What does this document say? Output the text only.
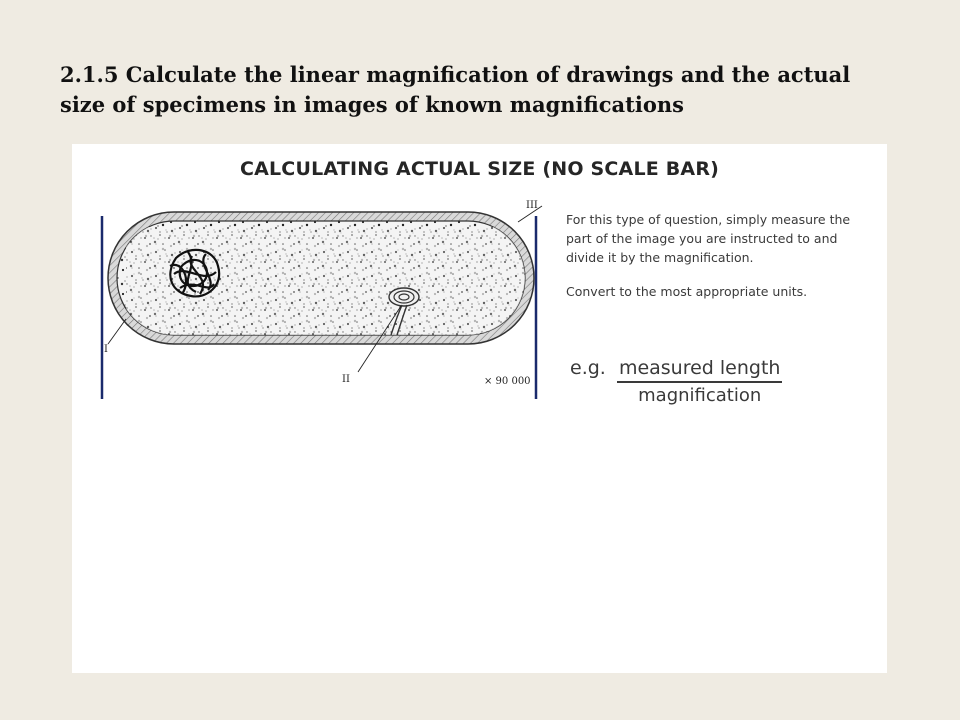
2.1.5 Calculate the linear magnification of drawings and the actual size of specimens in images of known magnifications
CALCULATING ACTUAL SIZE (NO SCALE BAR)
I
II
III
× 90 000

For this type of question, simply measure the part of the image you are instructed to and divide it by the magnification.

Convert to the most appropriate units.

e.g. $\frac{\text{measured length}}{\text{magnification}}$
